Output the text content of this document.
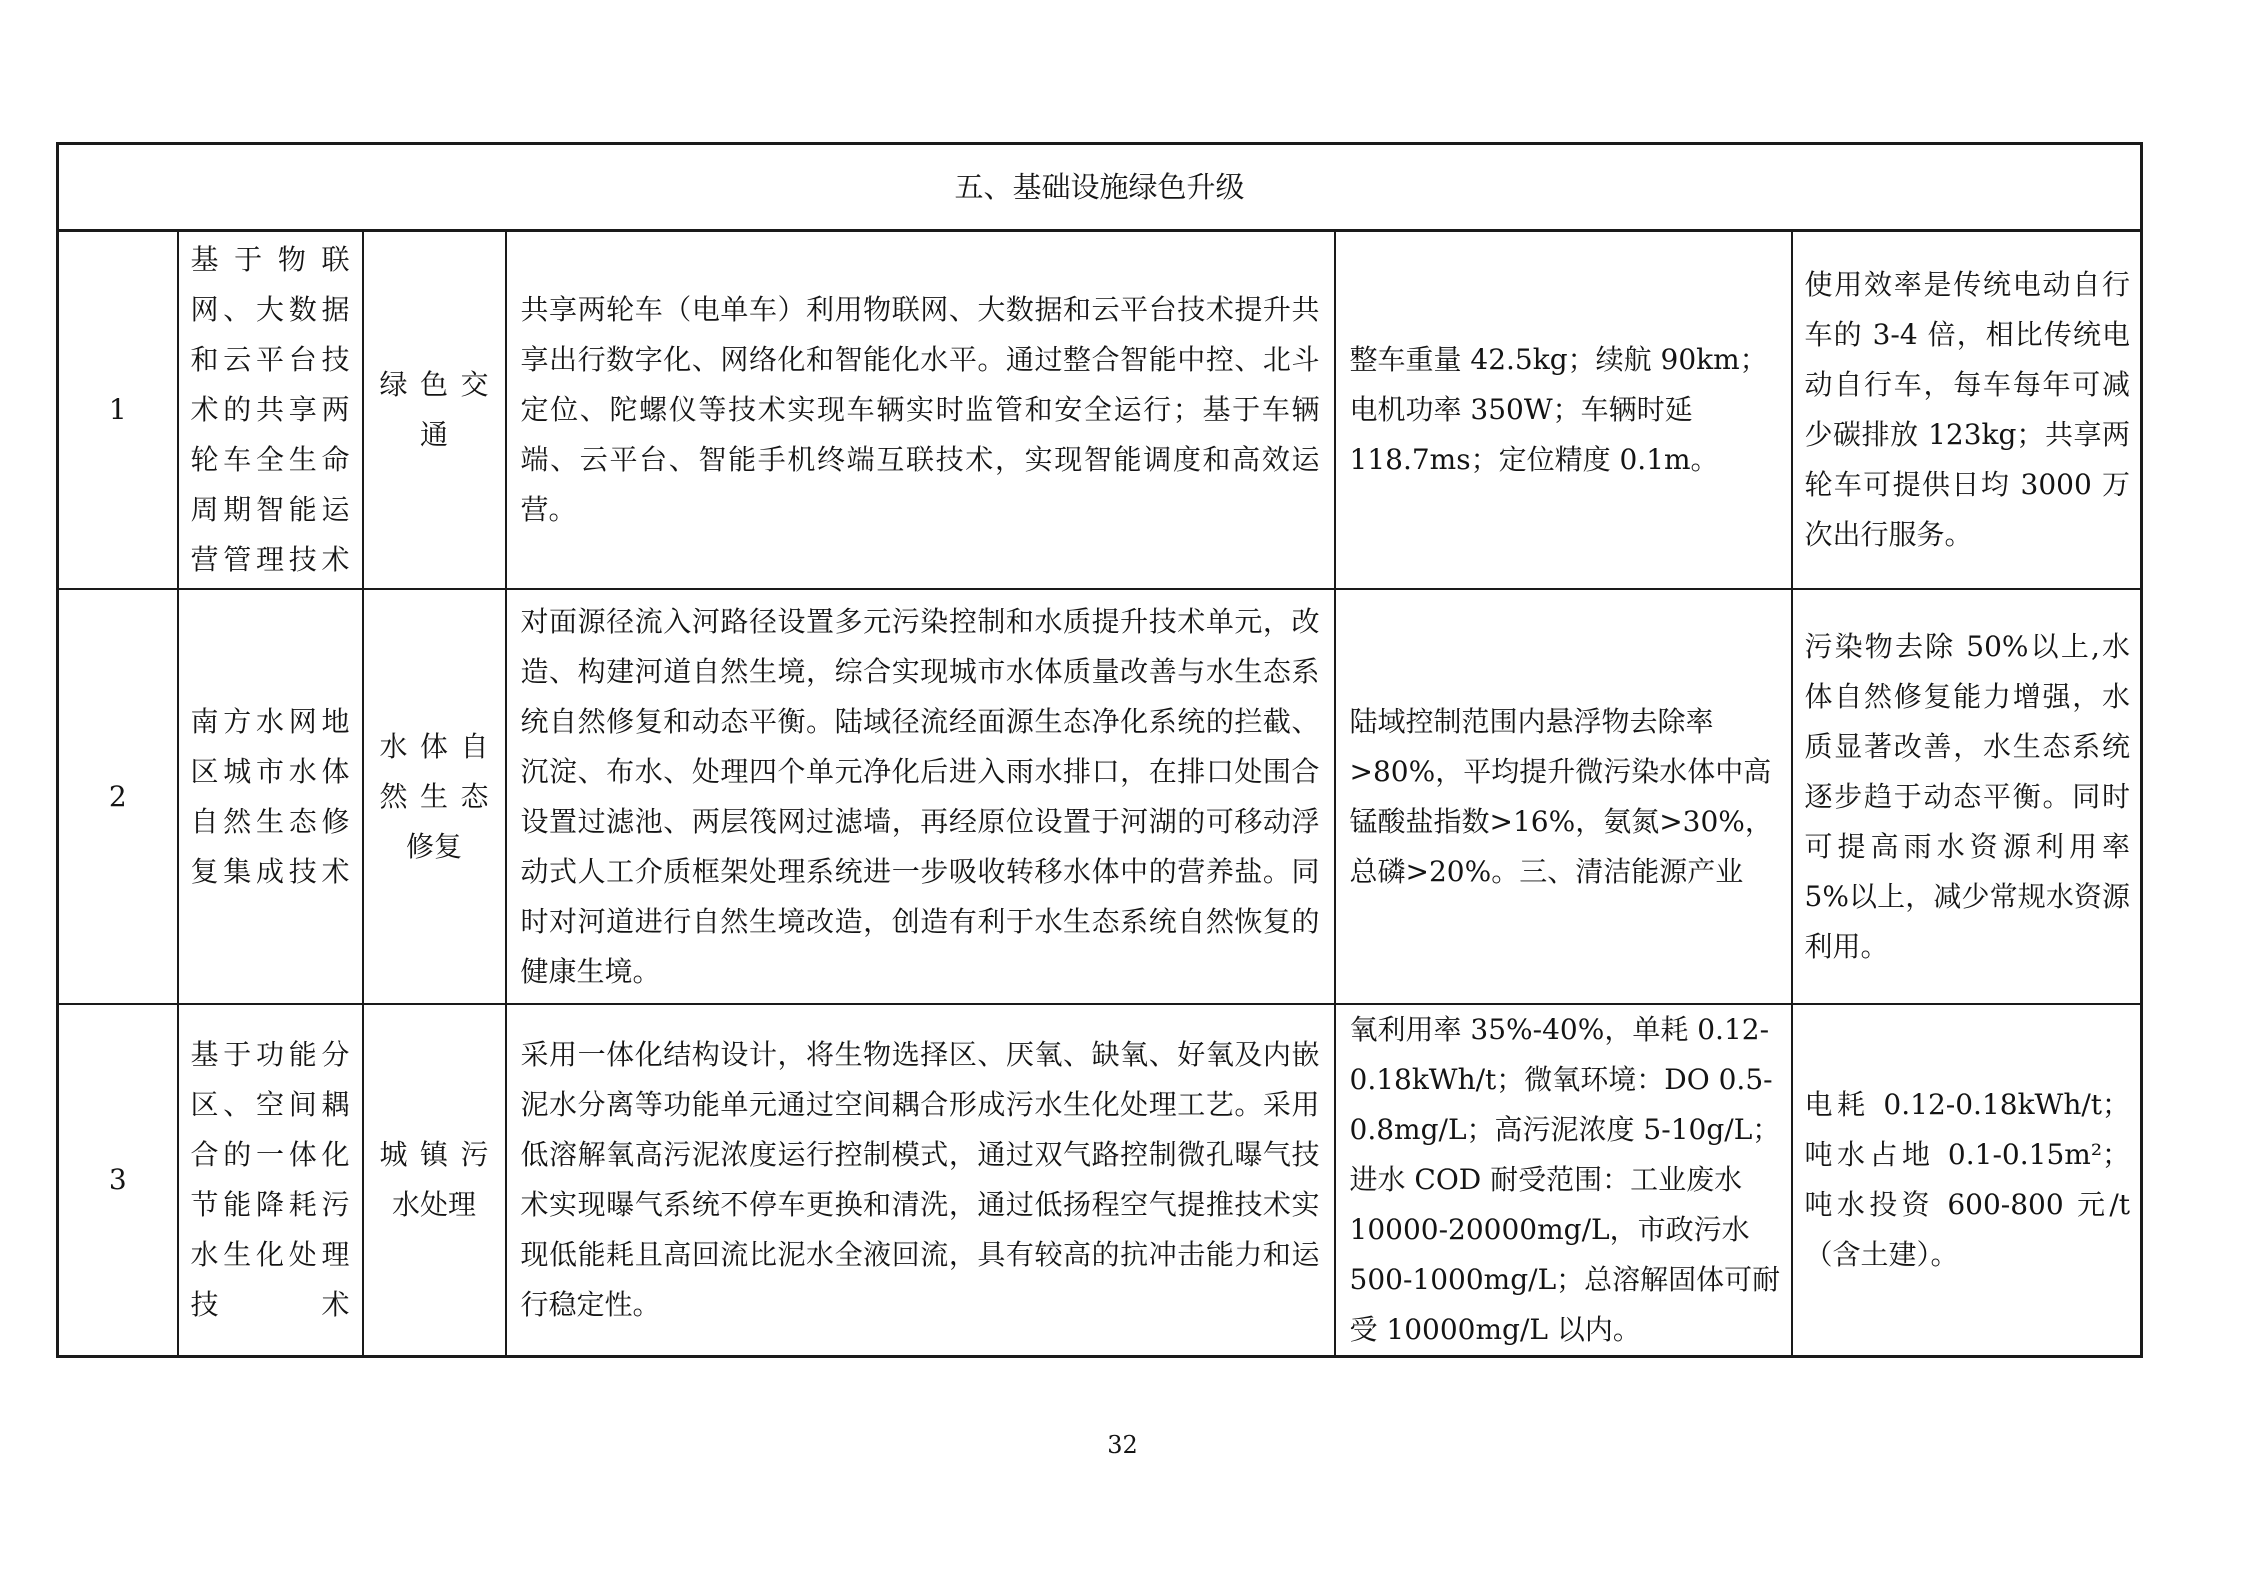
五、基础设施绿色升级					
1	基于物联网、大数据和云平台技术的共享两轮车全生命周期智能运营管理技术	绿色交通	共享两轮车（电单车）利用物联网、大数据和云平台技术提升共享出行数字化、网络化和智能化水平。通过整合智能中控、北斗定位、陀螺仪等技术实现车辆实时监管和安全运行；基于车辆端、云平台、智能手机终端互联技术，实现智能调度和高效运营。	整车重量 42.5kg；续航 90km；电机功率 350W；车辆时延 118.7ms；定位精度 0.1m。	使用效率是传统电动自行车的 3-4 倍，相比传统电动自行车，每车每年可减少碳排放 123kg；共享两轮车可提供日均 3000 万次出行服务。
2	南方水网地区城市水体自然生态修复集成技术	水体自然生态修复	对面源径流入河路径设置多元污染控制和水质提升技术单元，改造、构建河道自然生境，综合实现城市水体质量改善与水生态系统自然修复和动态平衡。陆域径流经面源生态净化系统的拦截、沉淀、布水、处理四个单元净化后进入雨水排口，在排口处围合设置过滤池、两层筏网过滤墙，再经原位设置于河湖的可移动浮动式人工介质框架处理系统进一步吸收转移水体中的营养盐。同时对河道进行自然生境改造，创造有利于水生态系统自然恢复的健康生境。	陆域控制范围内悬浮物去除率>80%，平均提升微污染水体中高锰酸盐指数>16%，氨氮>30%，总磷>20%。三、清洁能源产业	污染物去除 50%以上,水体自然修复能力增强，水质显著改善，水生态系统逐步趋于动态平衡。同时可提高雨水资源利用率 5%以上，减少常规水资源利用。
3	基于功能分区、空间耦合的一体化节能降耗污水生化处理技术	城镇污水处理	采用一体化结构设计，将生物选择区、厌氧、缺氧、好氧及内嵌泥水分离等功能单元通过空间耦合形成污水生化处理工艺。采用低溶解氧高污泥浓度运行控制模式，通过双气路控制微孔曝气技术实现曝气系统不停车更换和清洗，通过低扬程空气提推技术实现低能耗且高回流比泥水全液回流，具有较高的抗冲击能力和运行稳定性。	氧利用率 35%-40%，单耗 0.12-0.18kWh/t；微氧环境：DO 0.5-0.8mg/L；高污泥浓度 5-10g/L；进水 COD 耐受范围：工业废水 10000-20000mg/L，市政污水 500-1000mg/L；总溶解固体可耐受 10000mg/L 以内。	电耗 0.12-0.18kWh/t；吨水占地 0.1-0.15m²；吨水投资 600-800 元/t（含土建）。
32
